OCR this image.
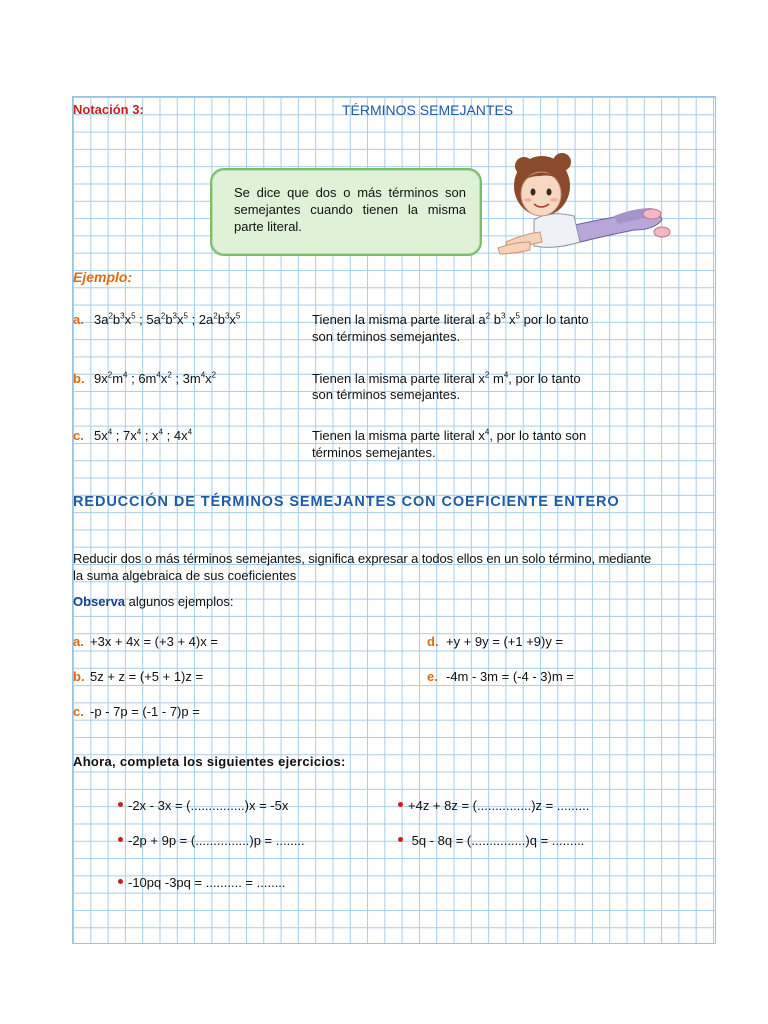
Notación 3:	TÉRMINOS SEMEJANTES
Se dice que dos o más términos son semejantes cuando tienen la misma parte literal.
Ejemplo:
a. $3a^2b^3x^5$ ; $5a^2b^3x^5$ ; $2a^2b^3x^5$	Tienen la misma parte literal $a^2$ $b^3$ $x^5$ por lo tanto
son términos semejantes.
b. $9x^2m^4$ ; $6m^4x^2$ ; $3m^4x^2$	Tienen la misma parte literal $x^2$ $m^4$, por lo tanto
son términos semejantes.
c. $5x^4$ ; $7x^4$ ; $x^4$ ; $4x^4$	Tienen la misma parte literal $x^4$, por lo tanto son
términos semejantes.
REDUCCIÓN DE TÉRMINOS SEMEJANTES CON COEFICIENTE ENTERO
Reducir dos o más términos semejantes, significa expresar a todos ellos en un solo término, mediante
la suma algebraica de sus coeficientes
Observa algunos ejemplos:
a. +3x + 4x = (+3 + 4)x =	d. +y + 9y = (+1 +9)y =
b. 5z + z = (+5 + 1)z =	e. -4m - 3m = (-4 - 3)m =
c. -p - 7p = (-1 - 7)p =
Ahora, completa los siguientes ejercicios:
-2x - 3x = (...............)x = -5x	+4z + 8z = (...............)z = .........
-2p + 9p = (...............)p = ........	5q - 8q = (...............)q = .........
-10pq -3pq = .......... = ........
